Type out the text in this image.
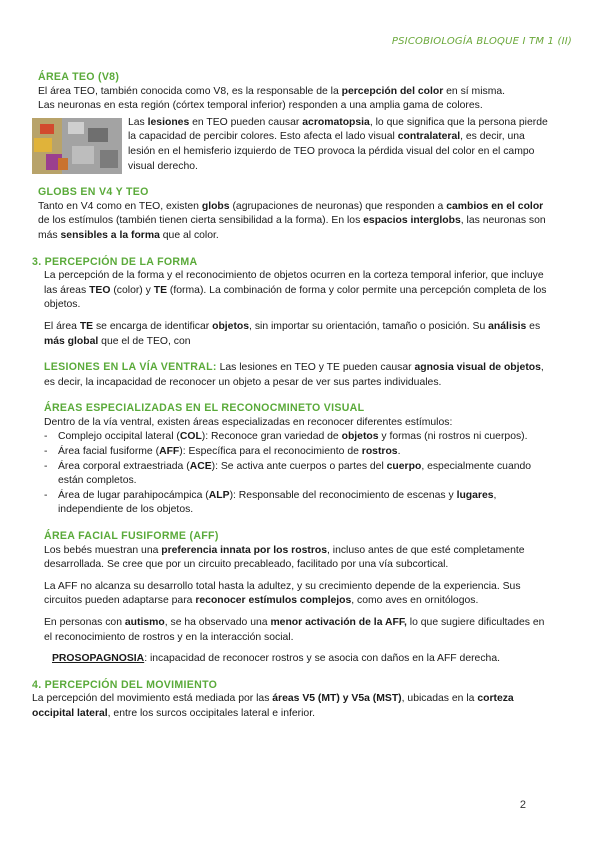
PSICOBIOLOGÍA BLOQUE I TM 1 (II)

ÁREA TEO (V8)

El área TEO, también conocida como V8, es la responsable de la percepción del color en sí misma.

Las neuronas en esta región (córtex temporal inferior) responden a una amplia gama de colores.

Las lesiones en TEO pueden causar acromatopsia, lo que significa que la persona pierde la capacidad de percibir colores. Esto afecta el lado visual contralateral, es decir, una lesión en el hemisferio izquierdo de TEO provoca la pérdida visual del color en el campo visual derecho.

GLOBS EN V4 Y TEO

Tanto en V4 como en TEO, existen globs (agrupaciones de neuronas) que responden a cambios en el color de los estímulos (también tienen cierta sensibilidad a la forma). En los espacios interglobs, las neuronas son más sensibles a la forma que al color.

3. PERCEPCIÓN DE LA FORMA

La percepción de la forma y el reconocimiento de objetos ocurren en la corteza temporal inferior, que incluye las áreas TEO (color) y TE (forma). La combinación de forma y color permite una percepción completa de los objetos.

El área TE se encarga de identificar objetos, sin importar su orientación, tamaño o posición. Su análisis es más global que el de TEO, con

LESIONES EN LA VÍA VENTRAL: Las lesiones en TEO y TE pueden causar agnosia visual de objetos, es decir, la incapacidad de reconocer un objeto a pesar de ver sus partes individuales.

ÁREAS ESPECIALIZADAS EN EL RECONOCMINETO VISUAL

Dentro de la vía ventral, existen áreas especializadas en reconocer diferentes estímulos:

- Complejo occipital lateral (COL): Reconoce gran variedad de objetos y formas (ni rostros ni cuerpos).
- Área facial fusiforme (AFF): Específica para el reconocimiento de rostros.
- Área corporal extraestriada (ACE): Se activa ante cuerpos o partes del cuerpo, especialmente cuando están completos.
- Área de lugar parahipocámpica (ALP): Responsable del reconocimiento de escenas y lugares, independiente de los objetos.

ÁREA FACIAL FUSIFORME (AFF)

Los bebés muestran una preferencia innata por los rostros, incluso antes de que esté completamente desarrollada. Se cree que por un circuito precableado, facilitado por una vía subcortical.

La AFF no alcanza su desarrollo total hasta la adultez, y su crecimiento depende de la experiencia. Sus circuitos pueden adaptarse para reconocer estímulos complejos, como aves en ornitólogos.

En personas con autismo, se ha observado una menor activación de la AFF, lo que sugiere dificultades en el reconocimiento de rostros y en la interacción social.

PROSOPAGNOSIA: incapacidad de reconocer rostros y se asocia con daños en la AFF derecha.

4. PERCEPCIÓN DEL MOVIMIENTO

La percepción del movimiento está mediada por las áreas V5 (MT) y V5a (MST), ubicadas en la corteza occipital lateral, entre los surcos occipitales lateral e inferior.

2
